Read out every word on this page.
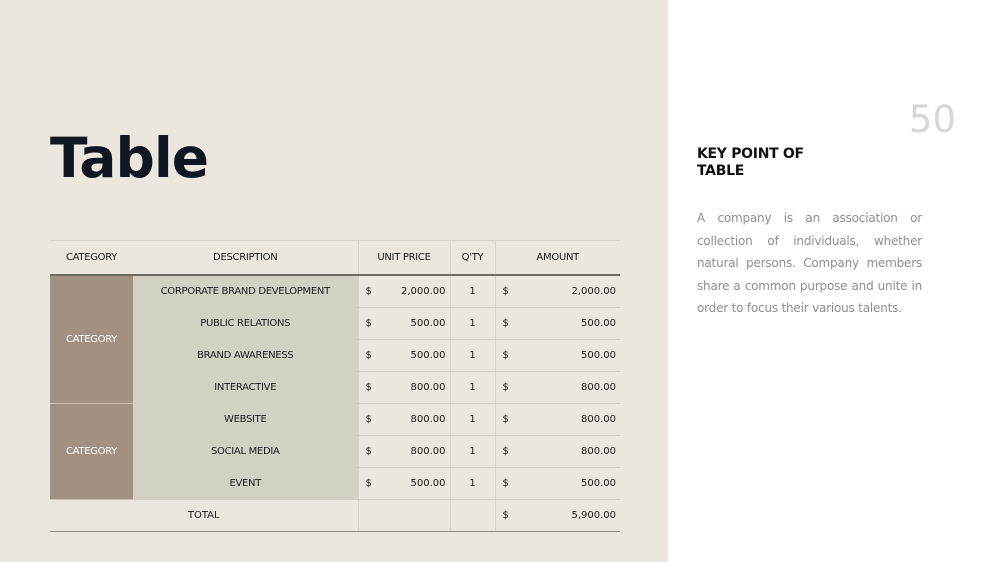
Table
CATEGORY	DESCRIPTION	UNIT PRICE	Q'TY	AMOUNT
CATEGORY	CORPORATE BRAND DEVELOPMENT	$ 2,000.00	1	$ 2,000.00

	PUBLIC RELATIONS	$ 500.00	1	$ 500.00

	BRAND AWARENESS	$ 500.00	1	$ 500.00

	INTERACTIVE	$ 800.00	1	$ 800.00

CATEGORY	WEBSITE	$ 800.00	1	$ 800.00

	SOCIAL MEDIA	$ 800.00	1	$ 800.00

	EVENT	$ 500.00	1	$ 500.00

TOTAL				$ 5,900.00
50
KEY POINT OF
TABLE
A company is an association or collection of individuals, whether natural persons. Company members share a common purpose and unite in order to focus their various talents.
